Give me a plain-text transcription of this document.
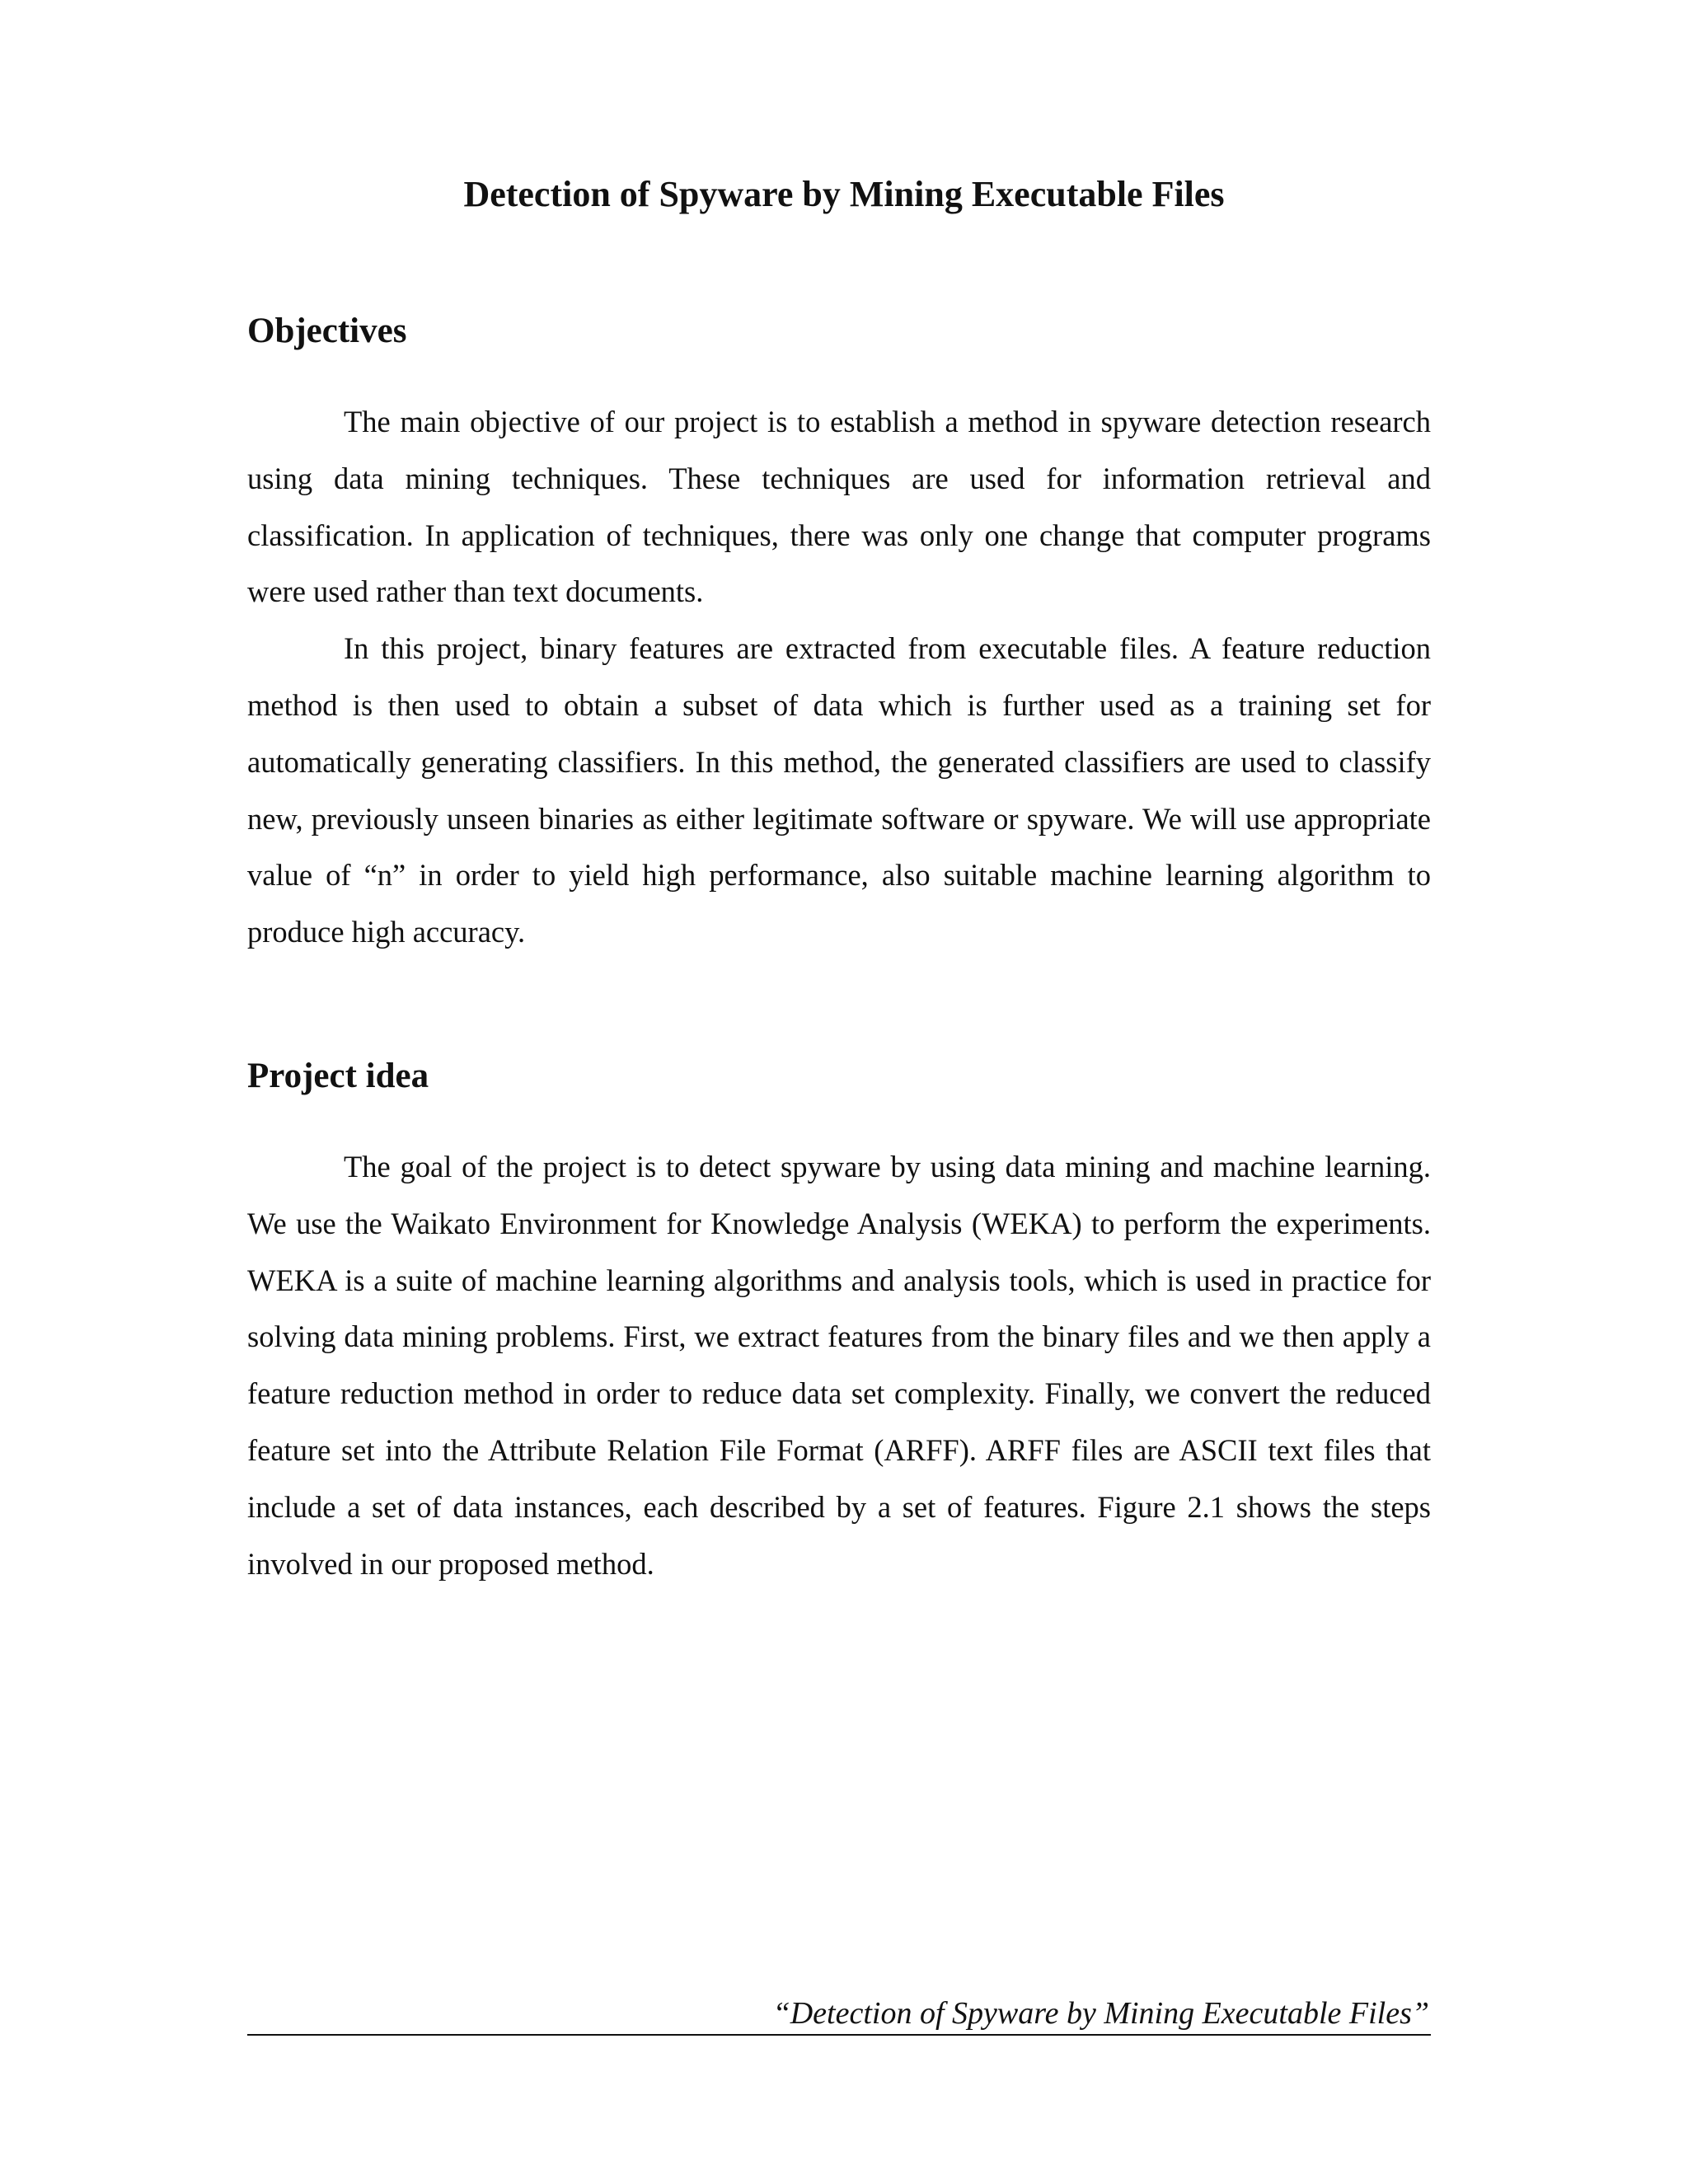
Detection of Spyware by Mining Executable Files
Objectives

The main objective of our project is to establish a method in spyware detection research using data mining techniques. These techniques are used for information retrieval and classification. In application of techniques, there was only one change that computer programs were used rather than text documents.

In this project, binary features are extracted from executable files. A feature reduction method is then used to obtain a subset of data which is further used as a training set for automatically generating classifiers. In this method, the generated classifiers are used to classify new, previously unseen binaries as either legitimate software or spyware. We will use appropriate value of “n” in order to yield high performance, also suitable machine learning algorithm to produce high accuracy.

Project idea

The goal of the project is to detect spyware by using data mining and machine learning. We use the Waikato Environment for Knowledge Analysis (WEKA) to perform the experiments. WEKA is a suite of machine learning algorithms and analysis tools, which is used in practice for solving data mining problems. First, we extract features from the binary files and we then apply a feature reduction method in order to reduce data set complexity. Finally, we convert the reduced feature set into the Attribute Relation File Format (ARFF). ARFF files are ASCII text files that include a set of data instances, each described by a set of features. Figure 2.1 shows the steps involved in our proposed method.

“Detection of Spyware by Mining Executable Files”
